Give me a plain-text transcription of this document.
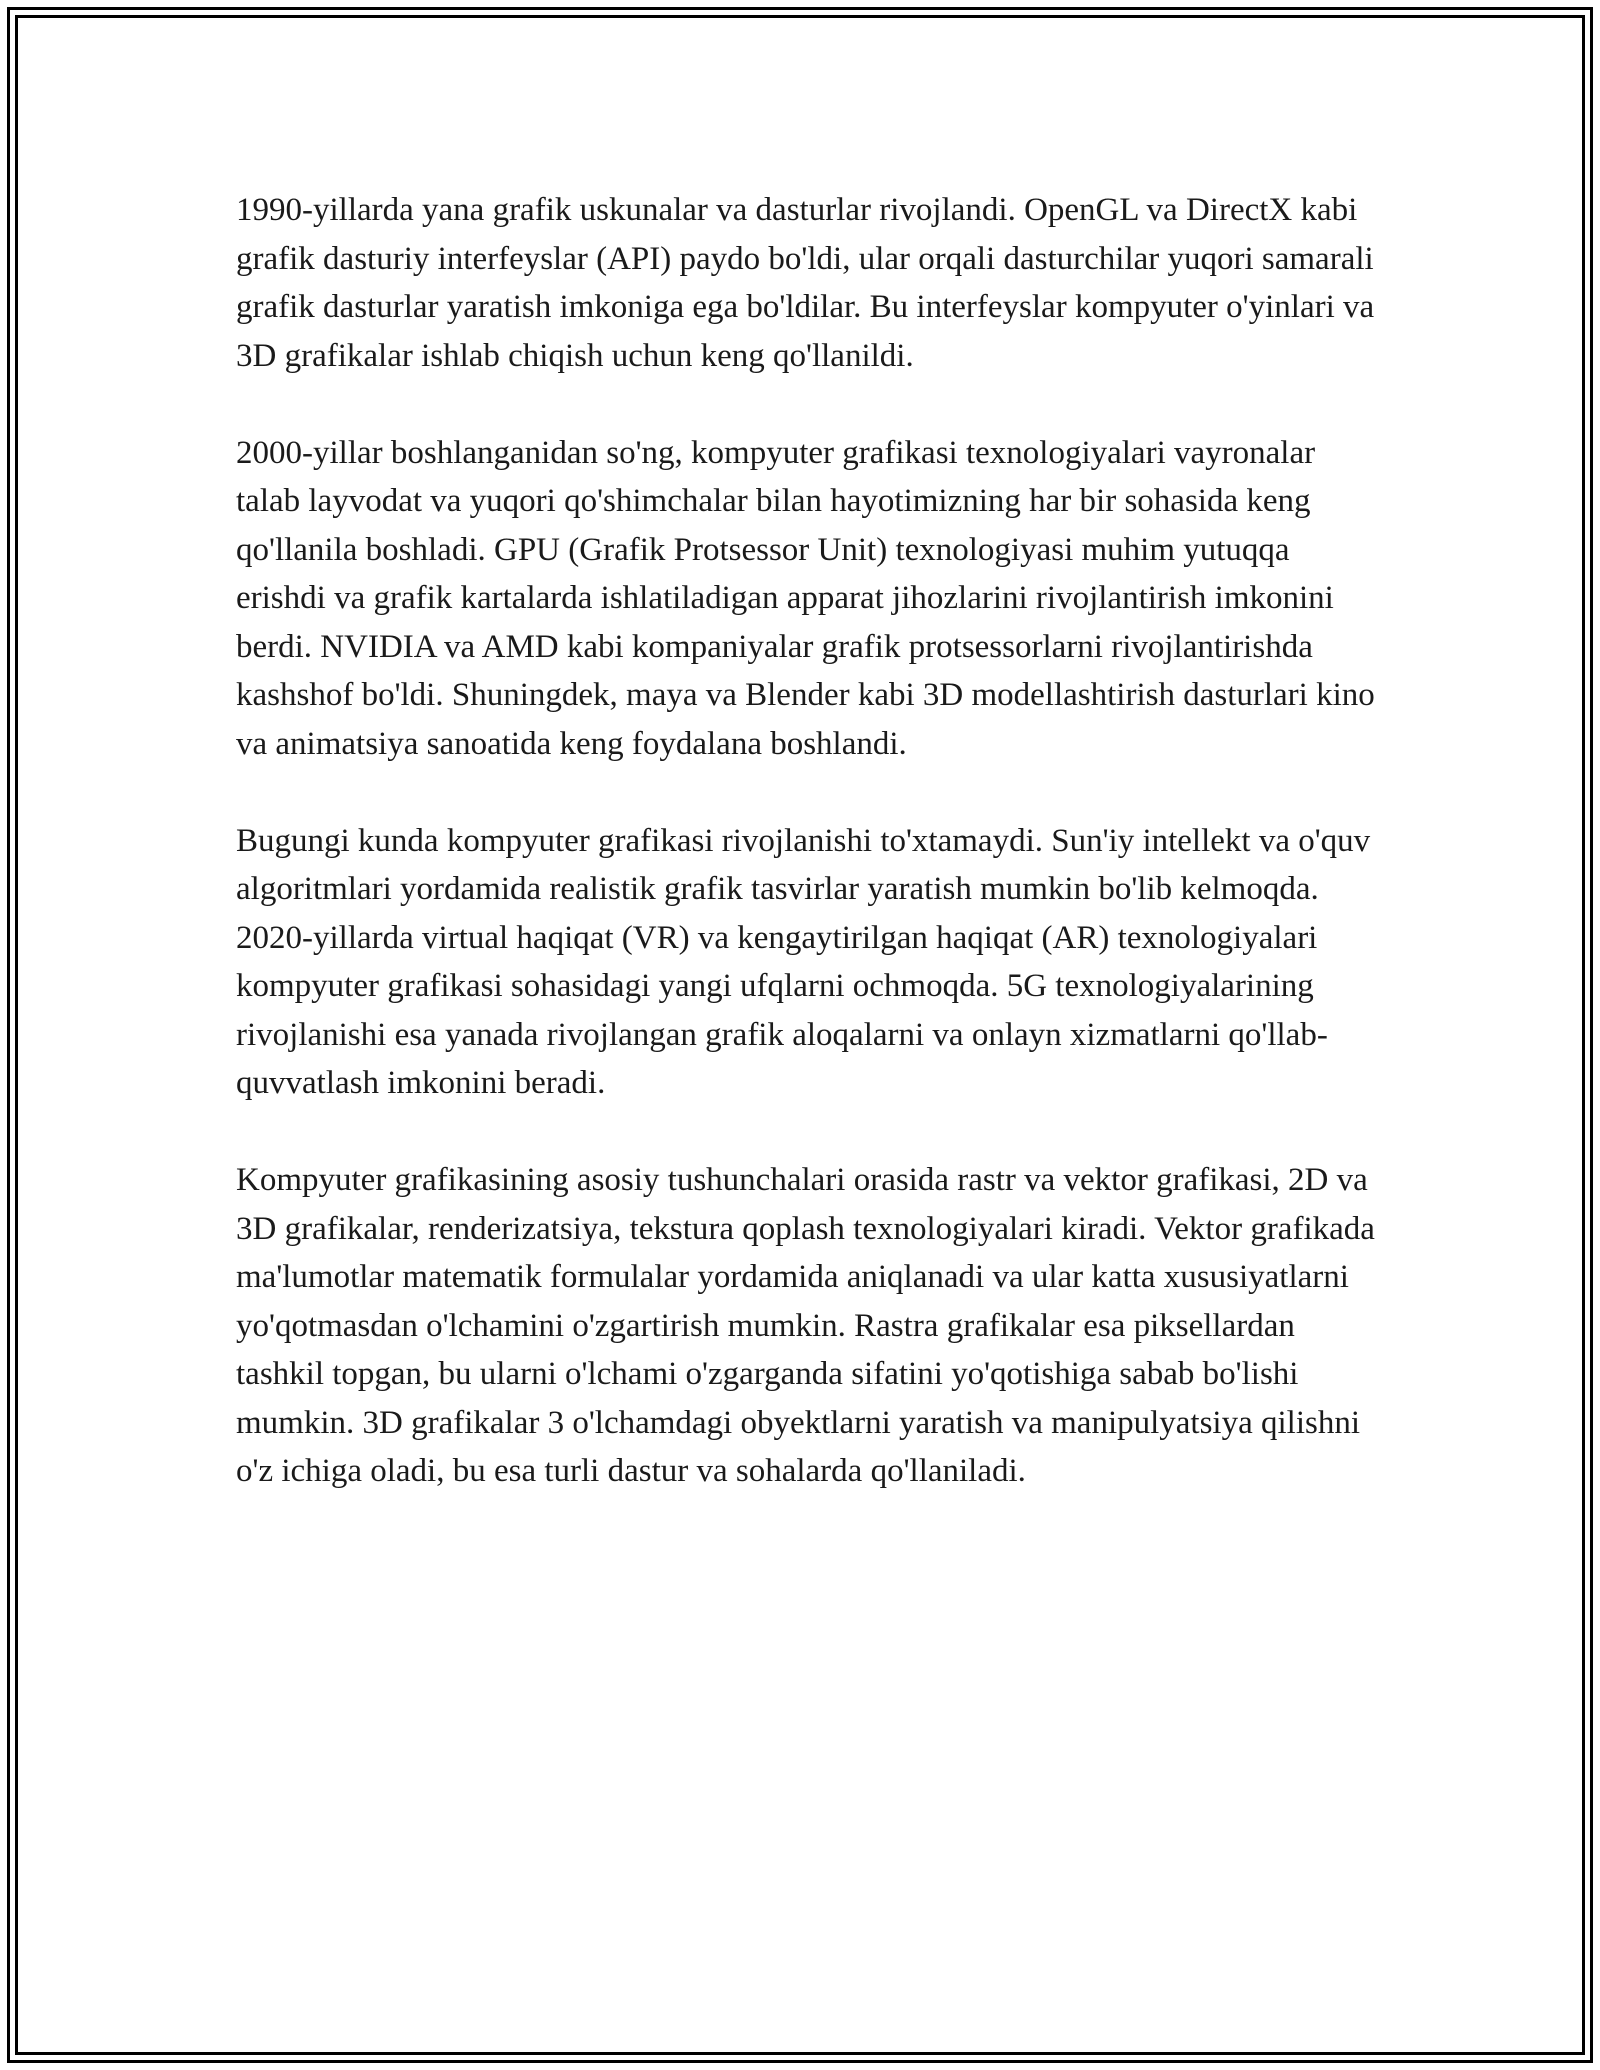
1990-yillarda yana grafik uskunalar va dasturlar rivojlandi. OpenGL va DirectX kabi grafik dasturiy interfeyslar (API) paydo bo'ldi, ular orqali dasturchilar yuqori samarali grafik dasturlar yaratish imkoniga ega bo'ldilar. Bu interfeyslar kompyuter o'yinlari va 3D grafikalar ishlab chiqish uchun keng qo'llanildi.

2000-yillar boshlanganidan so'ng, kompyuter grafikasi texnologiyalari vayronalar talab layvodat va yuqori qo'shimchalar bilan hayotimizning har bir sohasida keng qo'llanila boshladi. GPU (Grafik Protsessor Unit) texnologiyasi muhim yutuqqa erishdi va grafik kartalarda ishlatiladigan apparat jihozlarini rivojlantirish imkonini berdi. NVIDIA va AMD kabi kompaniyalar grafik protsessorlarni rivojlantirishda kashshof bo'ldi. Shuningdek, maya va Blender kabi 3D modellashtirish dasturlari kino va animatsiya sanoatida keng foydalana boshlandi.

Bugungi kunda kompyuter grafikasi rivojlanishi to'xtamaydi. Sun'iy intellekt va o'quv algoritmlari yordamida realistik grafik tasvirlar yaratish mumkin bo'lib kelmoqda. 2020-yillarda virtual haqiqat (VR) va kengaytirilgan haqiqat (AR) texnologiyalari kompyuter grafikasi sohasidagi yangi ufqlarni ochmoqda. 5G texnologiyalarining rivojlanishi esa yanada rivojlangan grafik aloqalarni va onlayn xizmatlarni qo'llab-quvvatlash imkonini beradi.

Kompyuter grafikasining asosiy tushunchalari orasida rastr va vektor grafikasi, 2D va 3D grafikalar, renderizatsiya, tekstura qoplash texnologiyalari kiradi. Vektor grafikada ma'lumotlar matematik formulalar yordamida aniqlanadi va ular katta xususiyatlarni yo'qotmasdan o'lchamini o'zgartirish mumkin. Rastra grafikalar esa piksellardan tashkil topgan, bu ularni o'lchami o'zgarganda sifatini yo'qotishiga sabab bo'lishi mumkin. 3D grafikalar 3 o'lchamdagi obyektlarni yaratish va manipulyatsiya qilishni o'z ichiga oladi, bu esa turli dastur va sohalarda qo'llaniladi.
